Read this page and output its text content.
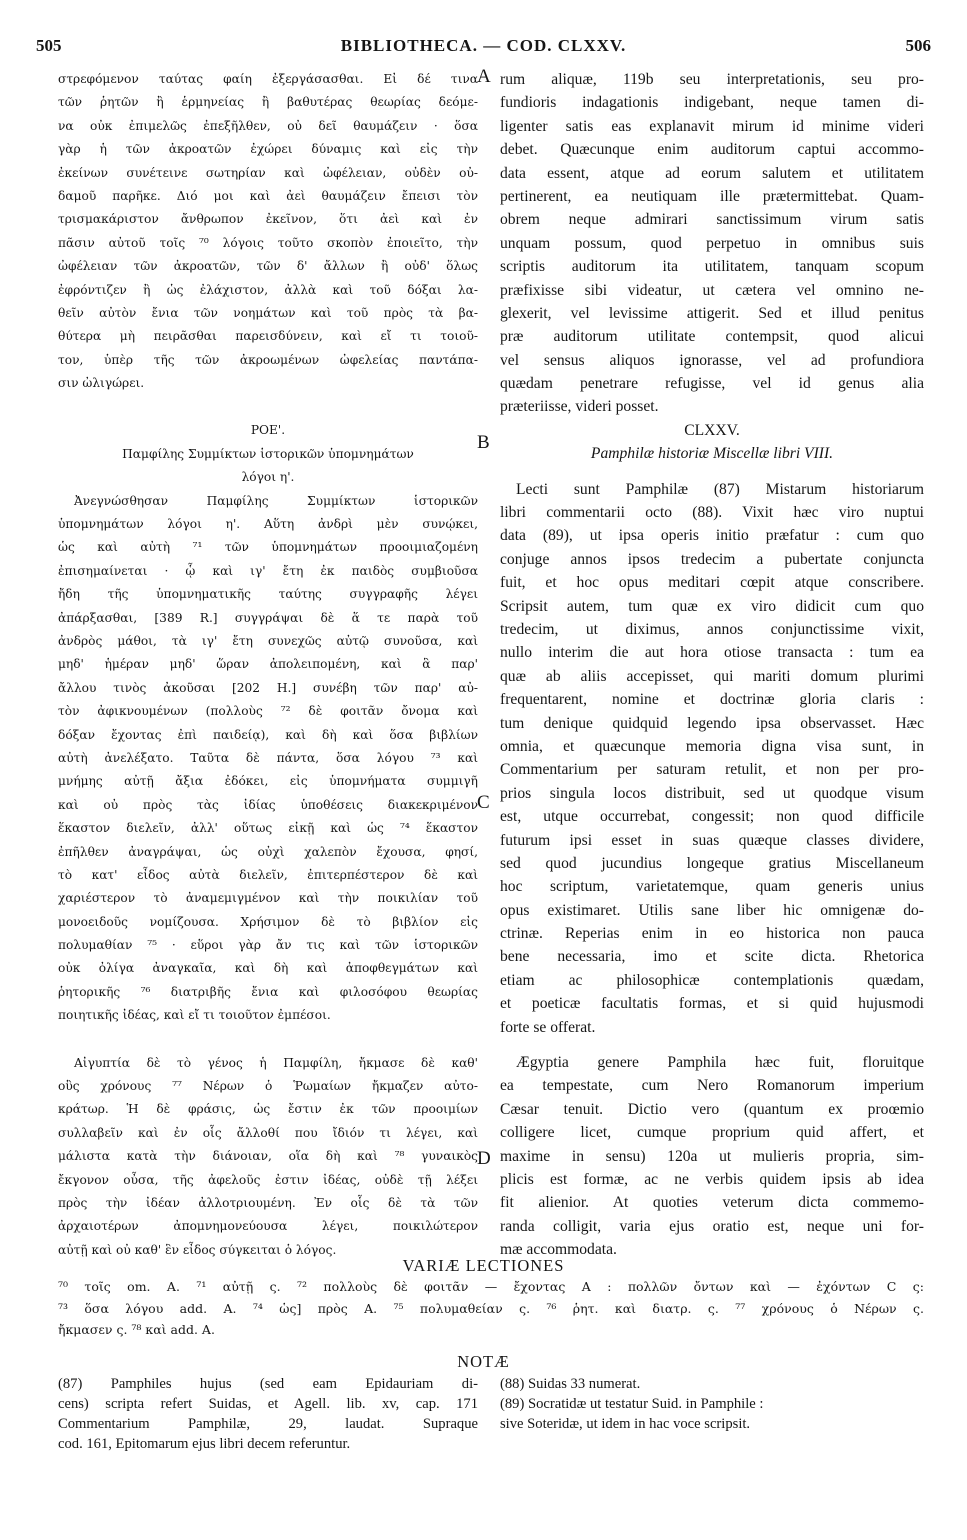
505	BIBLIOTHECA. — COD. CLXXV.	506
A
B
C
D
στρεφόμενον ταύτας φαίη ἐξεργάσασθαι. Εἰ δέ τινα
τῶν ῥητῶν ἢ ἑρμηνείας ἢ βαθυτέρας θεωρίας δεόμε-
να οὐκ ἐπιμελῶς ἐπεξῆλθεν, οὐ δεῖ θαυμάζειν · ὅσα
γὰρ ἡ τῶν ἀκροατῶν ἐχώρει δύναμις καὶ εἰς τὴν
ἐκείνων συνέτεινε σωτηρίαν καὶ ὠφέλειαν, οὐδὲν οὐ-
δαμοῦ παρῆκε. Διό μοι καὶ ἀεὶ θαυμάζειν ἔπεισι τὸν
τρισμακάριστον ἄνθρωπον ἐκεῖνον, ὅτι ἀεὶ καὶ ἐν
πᾶσιν αὐτοῦ τοῖς ⁷⁰ λόγοις τοῦτο σκοπὸν ἐποιεῖτο, τὴν
ὠφέλειαν τῶν ἀκροατῶν, τῶν δ' ἄλλων ἢ οὐδ' ὅλως
ἐφρόντιζεν ἢ ὡς ἐλάχιστον, ἀλλὰ καὶ τοῦ δόξαι λα-
θεῖν αὐτὸν ἔνια τῶν νοημάτων καὶ τοῦ πρὸς τὰ βα-
θύτερα μὴ πειρᾶσθαι παρεισδύνειν, καὶ εἴ τι τοιοῦ-
τον, ὑπὲρ τῆς τῶν ἀκροωμένων ὠφελείας παντάπα-
σιν ὠλιγώρει.
ΡΟΕ'.
Παμφίλης Συμμίκτων ἱστορικῶν ὑπομνημάτων
λόγοι η'.
Ἀνεγνώσθησαν Παμφίλης Συμμίκτων ἱστορικῶν
ὑπομνημάτων λόγοι η'. Αὕτη ἀνδρὶ μὲν συνῴκει,
ὡς καὶ αὐτὴ ⁷¹ τῶν ὑπομνημάτων προοιμιαζομένη
ἐπισημαίνεται · ᾧ καὶ ιγ' ἔτη ἐκ παιδὸς συμβιοῦσα
ἤδη τῆς ὑπομνηματικῆς ταύτης συγγραφῆς λέγει
ἀπάρξασθαι, [389 R.] συγγράψαι δὲ ἅ τε παρὰ τοῦ
ἀνδρὸς μάθοι, τὰ ιγ' ἔτη συνεχῶς αὐτῷ συνοῦσα, καὶ
μηδ' ἡμέραν μηδ' ὥραν ἀπολειπομένη, καὶ ἃ παρ'
ἄλλου τινὸς ἀκοῦσαι [202 H.] συνέβη τῶν παρ' αὐ-
τὸν ἀφικνουμένων (πολλοὺς ⁷² δὲ φοιτᾶν ὄνομα καὶ
δόξαν ἔχοντας ἐπὶ παιδείᾳ), καὶ δὴ καὶ ὅσα βιβλίων
αὐτὴ ἀνελέξατο. Ταῦτα δὲ πάντα, ὅσα λόγου ⁷³ καὶ
μνήμης αὐτῇ ἄξια ἐδόκει, εἰς ὑπομνήματα συμμιγῆ
καὶ οὐ πρὸς τὰς ἰδίας ὑποθέσεις διακεκριμένον
ἕκαστον διελεῖν, ἀλλ' οὕτως εἰκῇ καὶ ὡς ⁷⁴ ἕκαστον
ἐπῆλθεν ἀναγράψαι, ὡς οὐχὶ χαλεπὸν ἔχουσα, φησί,
τὸ κατ' εἶδος αὐτὰ διελεῖν, ἐπιτερπέστερον δὲ καὶ
χαριέστερον τὸ ἀναμεμιγμένον καὶ τὴν ποικιλίαν τοῦ
μονοειδοῦς νομίζουσα. Χρήσιμον δὲ τὸ βιβλίον εἰς
πολυμαθίαν ⁷⁵ · εὕροι γὰρ ἄν τις καὶ τῶν ἱστορικῶν
οὐκ ὀλίγα ἀναγκαῖα, καὶ δὴ καὶ ἀποφθεγμάτων καὶ
ῥητορικῆς ⁷⁶ διατριβῆς ἔνια καὶ φιλοσόφου θεωρίας
ποιητικῆς ἰδέας, καὶ εἴ τι τοιοῦτον ἐμπέσοι.
Αἰγυπτία δὲ τὸ γένος ἡ Παμφίλη, ἤκμασε δὲ καθ'
οὓς χρόνους ⁷⁷ Νέρων ὁ Ῥωμαίων ἤκμαζεν αὐτο-
κράτωρ. Ἡ δὲ φράσις, ὡς ἔστιν ἐκ τῶν προοιμίων
συλλαβεῖν καὶ ἐν οἷς ἄλλοθί που ἴδιόν τι λέγει, καὶ
μάλιστα κατὰ τὴν διάνοιαν, οἵα δὴ καὶ ⁷⁸ γυναικὸς
ἔκγονον οὖσα, τῆς ἀφελοῦς ἐστιν ἰδέας, οὐδὲ τῇ λέξει
πρὸς τὴν ἰδέαν ἀλλοτριουμένη. Ἐν οἷς δὲ τὰ τῶν
ἀρχαιοτέρων ἀπομνημονεύουσα λέγει, ποικιλώτερον
αὐτῇ καὶ οὐ καθ' ἓν εἶδος σύγκειται ὁ λόγος.
rum aliquæ, 119b seu interpretationis, seu pro-
fundioris indagationis indigebant, neque tamen di-
ligenter satis eas explanavit mirum id minime videri
debet. Quæcunque enim auditorum captui accommo-
data essent, atque ad eorum salutem et utilitatem
pertinerent, ea neutiquam ille prætermittebat. Quam-
obrem neque admirari sanctissimum virum satis
unquam possum, quod perpetuo in omnibus suis
scriptis auditorum ita utilitatem, tanquam scopum
præfixisse sibi videatur, ut cætera vel omnino ne-
glexerit, vel levissime attigerit. Sed et illud penitus
præ auditorum utilitate contempsit, quod alicui
vel sensus aliquos ignorasse, vel ad profundiora
quædam penetrare refugisse, vel id genus alia
præteriisse, videri posset.
CLXXV.
Pamphilæ historiæ Miscellæ libri VIII.
Lecti sunt Pamphilæ (87) Mistarum historiarum
libri commentarii octo (88). Vixit hæc viro nuptui
data (89), ut ipsa operis initio præfatur : cum quo
conjuge annos ipsos tredecim a pubertate conjuncta
fuit, et hoc opus meditari cœpit atque conscribere.
Scripsit autem, tum quæ ex viro didicit cum quo
tredecim, ut diximus, annos conjunctissime vixit,
nullo interim die aut hora otiose transacta : tum ea
quæ ab aliis accepisset, qui mariti domum plurimi
frequentarent, nomine et doctrinæ gloria claris :
tum denique quidquid legendo ipsa observasset. Hæc
omnia, et quæcunque memoria digna visa sunt, in
Commentarium per saturam retulit, et non per pro-
prios singula locos distribuit, sed ut quodque visum
est, utque occurrebat, congessit; non quod difficile
futurum ipsi esset in suas quæque classes dividere,
sed quod jucundius longeque gratius Miscellaneum
hoc scriptum, varietatemque, quam generis unius
opus existimaret. Utilis sane liber hic omnigenæ do-
ctrinæ. Reperias enim in eo historica non pauca
bene necessaria, imo et scite dicta. Rhetorica
etiam ac philosophicæ contemplationis quædam,
et poeticæ facultatis formas, et si quid hujusmodi
forte se offerat.
Ægyptia genere Pamphila hæc fuit, floruitque
ea tempestate, cum Nero Romanorum imperium
Cæsar tenuit. Dictio vero (quantum ex proœmio
colligere licet, cumque proprium quid affert, et
maxime in sensu) 120a ut mulieris propria, sim-
plicis est formæ, ac ne verbis quidem ipsis ab idea
fit alienior. At quoties veterum dicta commemo-
randa colligit, varia ejus oratio est, neque uni for-
mæ accommodata.
VARIÆ LECTIONES
⁷⁰ τοῖς om. A. ⁷¹ αὐτῇ ς. ⁷² πολλοὺς δὲ φοιτᾶν — ἔχοντας A : πολλῶν ὄντων καὶ — ἐχόντων C ς:
⁷³ ὅσα λόγου add. A. ⁷⁴ ὡς] πρὸς A. ⁷⁵ πολυμαθείαν ς. ⁷⁶ ῥητ. καὶ διατρ. ς. ⁷⁷ χρόνους ὁ Νέρων ς.
ἤκμασεν ς. ⁷⁸ καὶ add. A.
NOTÆ
(87) Pamphiles hujus (sed eam Epidauriam di-
cens) scripta refert Suidas, et Agell. lib. xv, cap. 171
Commentarium Pamphilæ, 29, laudat. Supraque
cod. 161, Epitomarum ejus libri decem referuntur.
(88) Suidas 33 numerat.
(89) Socratidæ ut testatur Suid. in Pamphile :
sive Soteridæ, ut idem in hac voce scripsit.
